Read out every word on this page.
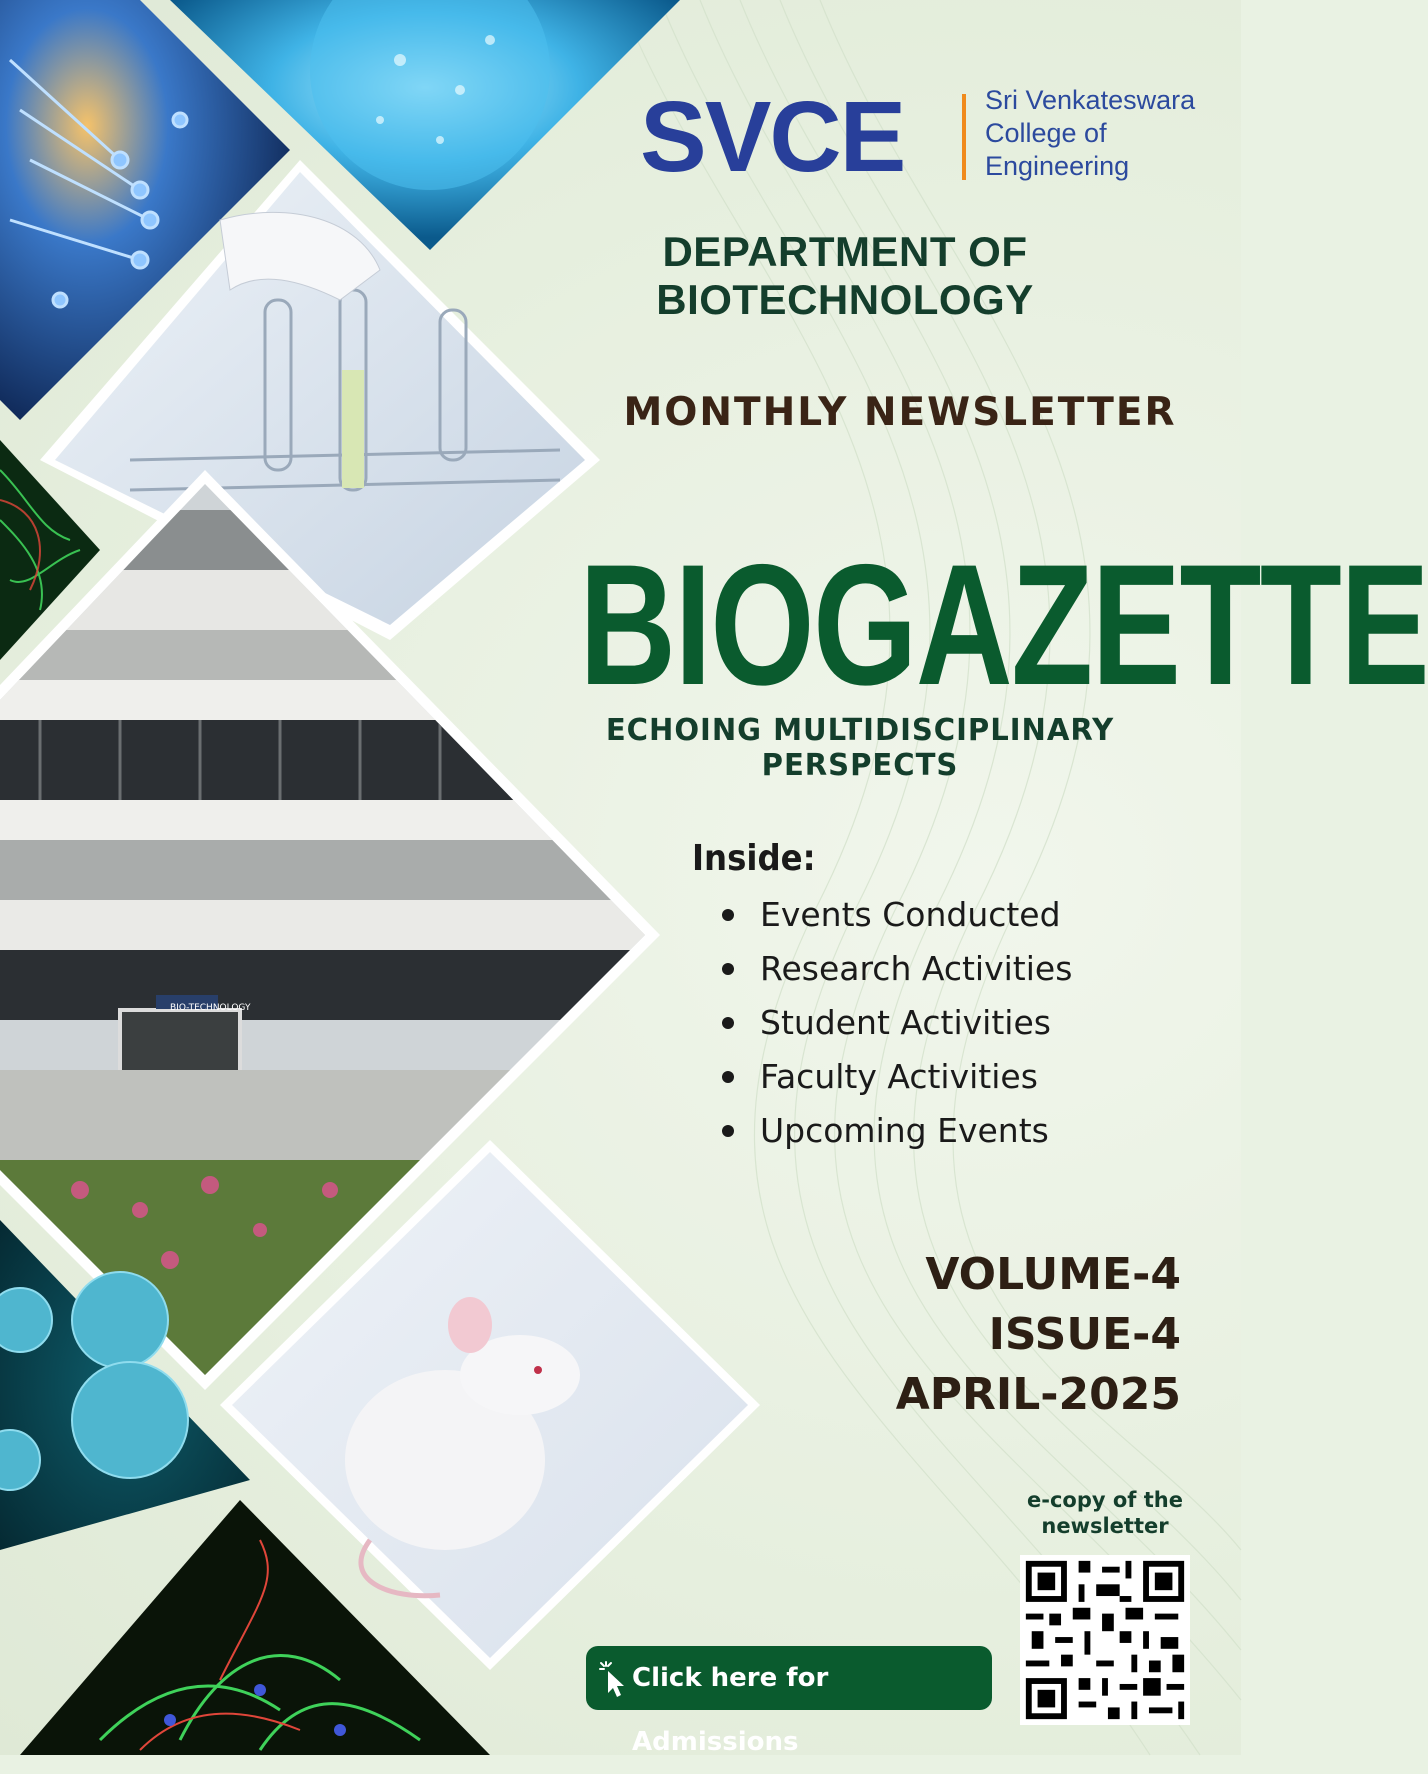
BIO-TECHNOLOGY
SVCE	Sri Venkateswara
College of
Engineering
DEPARTMENT OF BIOTECHNOLOGY
MONTHLY NEWSLETTER
BIOGAZETTE
ECHOING MULTIDISCIPLINARY PERSPECTS
Inside:
Events Conducted
Research Activities
Student Activities
Faculty Activities
Upcoming Events
VOLUME-4
ISSUE-4
APRIL-2025
e-copy of the newsletter
Click here for Admissions
